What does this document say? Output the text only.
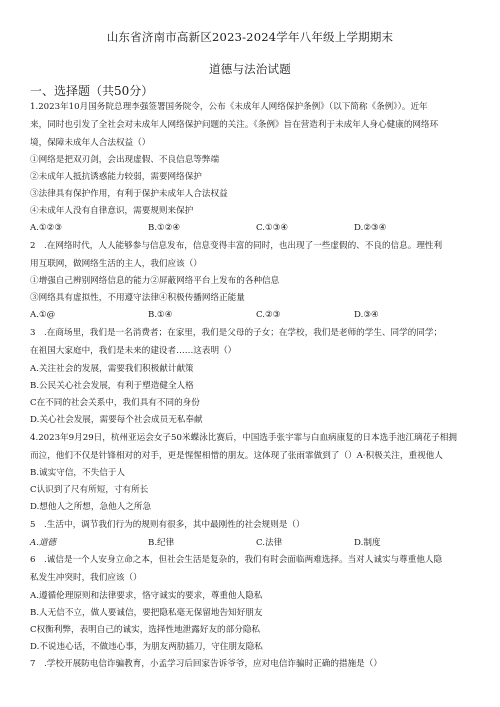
山东省济南市高新区2023-2024学年八年级上学期期末
道德与法治试题
一、选择题（共50分）
1.2023年10月国务院总理李强签署国务院令，公布《未成年人网络保护条例》（以下简称《条例》）。近年
来，同时也引发了全社会对未成年人网络保护问题的关注。《条例》旨在营造利于未成年人身心健康的网络环
境，保障未成年人合法权益（）
①网络是把双刃剑，会出现虚假、不良信息等弊端
②未成年人抵抗诱惑能力较弱，需要网络保护
③法律具有保护作用，有利于保护未成年人合法权益
④未成年人没有自律意识，需要规则来保护
A.①②③	B.①②④	C.①③④	D.②③④
2　.在网络时代，人人能够参与信息发布，信息变得丰富的同时，也出现了一些虚假的、不良的信息。理性利
用互联网，做网络生活的主人，我们应该（）
①增强自己辨别网络信息的能力②屏蔽网络平台上发布的各种信息
③网络具有虚拟性，不用遵守法律④积极传播网络正能量
A.①@	B.①④	C.②③	D.③④
3　.在商场里，我们是一名消费者；在家里，我们是父母的子女；在学校，我们是老师的学生、同学的同学；
在祖国大家庭中，我们是未来的建设者……这表明（）
A.关注社会的发展，需要我们积极献计献策
B.公民关心社会发展，有利于塑造健全人格
C在不同的社会关系中，我们具有不同的身份
D.关心社会发展，需要每个社会成员无私奉献
4.2023年9月29日，杭州亚运会女子50米蝶泳比赛后，中国选手张宇霏与白血病康复的日本选手池江璃花子相拥
而泣，他们不仅是针锋相对的对手，更是惺惺相惜的朋友。这体现了张雨霏做到了（）A·积极关注，重视他人
B.诚实守信，不失信于人
C认识到了尺有所短，寸有所长
D.想他人之所想，急他人之所急
5　.生活中，调节我们行为的规则有很多，其中最刚性的社会规则是（）
A.道德	B.纪律	C.法律	D.制度
6　.诚信是一个人安身立命之本，但社会生活是复杂的，我们有时会面临两难选择。当对人诚实与尊重他人隐
私发生冲突时，我们应该（）
A.遵循伦理原则和法律要求，恪守诚实的要求，尊重他人隐私
B.人无信不立，做人要诚信，要把隐私毫无保留地告知好朋友
C权衡利弊，表明自己的诚实，选择性地泄露好友的部分隐私
D.不说违心话，不做违心事，为朋友两肋插刀，守住朋友隐私
7　.学校开展防电信诈骗教育，小孟学习后回家告诉爷爷，应对电信诈骗时正确的措施是（）
